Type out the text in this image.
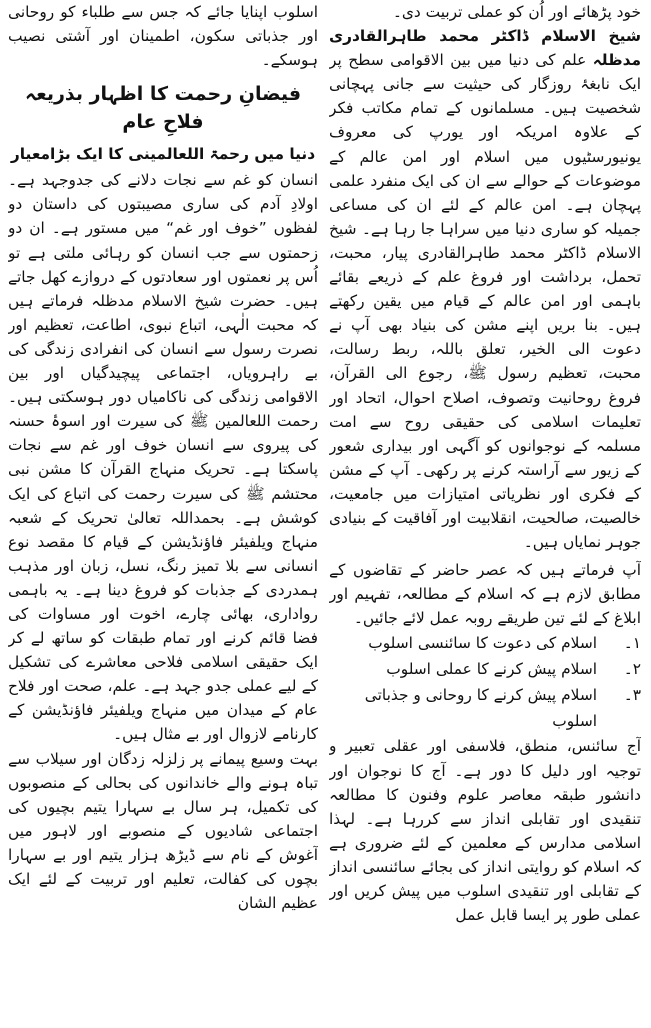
خود پڑھائے اور اُن کو عملی تربیت دی۔

شیخ الاسلام ڈاکٹر محمد طاہرالقادری مدظلہ علم کی دنیا میں بین الاقوامی سطح پر ایک نابغۂ روزگار کی حیثیت سے جانی پہچانی شخصیت ہیں۔ مسلمانوں کے تمام مکاتب فکر کے علاوہ امریکہ اور یورپ کی معروف یونیورسٹیوں میں اسلام اور امن عالم کے موضوعات کے حوالے سے ان کی ایک منفرد علمی پہچان ہے۔ امن عالم کے لئے ان کی مساعی جمیلہ کو ساری دنیا میں سراہا جا رہا ہے۔ شیخ الاسلام ڈاکٹر محمد طاہرالقادری پیار، محبت، تحمل، برداشت اور فروغ علم کے ذریعے بقائے باہمی اور امن عالم کے قیام میں یقین رکھتے ہیں۔ بنا بریں اپنے مشن کی بنیاد بھی آپ نے دعوت الی الخیر، تعلق باللہ، ربط رسالت، محبت، تعظیم رسول ﷺ، رجوع الی القرآن، فروغ روحانیت وتصوف، اصلاح احوال، اتحاد اور تعلیمات اسلامی کی حقیقی روح سے امت مسلمہ کے نوجوانوں کو آگہی اور بیداری شعور کے زیور سے آراستہ کرنے پر رکھی۔ آپ کے مشن کے فکری اور نظریاتی امتیازات میں جامعیت، خالصیت، صالحیت، انقلابیت اور آفاقیت کے بنیادی جوہر نمایاں ہیں۔

آپ فرماتے ہیں کہ عصر حاضر کے تقاضوں کے مطابق لازم ہے کہ اسلام کے مطالعہ، تفہیم اور ابلاغ کے لئے تین طریقے روبہ عمل لائے جائیں۔

۱۔
اسلام کی دعوت کا سائنسی اسلوب
۲۔
اسلام پیش کرنے کا عملی اسلوب
۳۔
اسلام پیش کرنے کا روحانی و جذباتی اسلوب

آج سائنس، منطق، فلاسفی اور عقلی تعبیر و توجیہ اور دلیل کا دور ہے۔ آج کا نوجوان اور دانشور طبقہ معاصر علوم وفنون کا مطالعہ تنقیدی اور تقابلی انداز سے کررہا ہے۔ لہذا اسلامی مدارس کے معلمین کے لئے ضروری ہے کہ اسلام کو روایتی انداز کی بجائے سائنسی انداز کے تقابلی اور تنقیدی اسلوب میں پیش کریں اور عملی طور پر ایسا قابل عمل

اسلوب اپنایا جائے کہ جس سے طلباء کو روحانی اور جذباتی سکون، اطمینان اور آشتی نصیب ہوسکے۔

فیضانِ رحمت کا اظہار بذریعہ فلاحِ عام

دنیا میں رحمۃ اللعالمینی کا ایک بڑامعیار

انسان کو غم سے نجات دلانے کی جدوجہد ہے۔ اولادِ آدم کی ساری مصیبتوں کی داستان دو لفظوں ”خوف اور غم“ میں مستور ہے۔ ان دو زحمتوں سے جب انسان کو رہائی ملتی ہے تو اُس پر نعمتوں اور سعادتوں کے دروازے کھل جاتے ہیں۔ حضرت شیخ الاسلام مدظلہ فرماتے ہیں کہ محبت الٰہی، اتباع نبوی، اطاعت، تعظیم اور نصرت رسول سے انسان کی انفرادی زندگی کی بے راہرویاں، اجتماعی پیچیدگیاں اور بین الاقوامی زندگی کی ناکامیاں دور ہوسکتی ہیں۔ رحمت اللعالمین ﷺ کی سیرت اور اسوۂ حسنہ کی پیروی سے انسان خوف اور غم سے نجات پاسکتا ہے۔ تحریک منہاج القرآن کا مشن نبی محتشم ﷺ کی سیرت رحمت کی اتباع کی ایک کوشش ہے۔ بحمداللہ تعالیٰ تحریک کے شعبہ منہاج ویلفیئر فاؤنڈیشن کے قیام کا مقصد نوع انسانی سے بلا تمیز رنگ، نسل، زبان اور مذہب ہمدردی کے جذبات کو فروغ دینا ہے۔ یہ باہمی رواداری، بھائی چارے، اخوت اور مساوات کی فضا قائم کرنے اور تمام طبقات کو ساتھ لے کر ایک حقیقی اسلامی فلاحی معاشرے کی تشکیل کے لیے عملی جدو جہد ہے۔ علم، صحت اور فلاح عام کے میدان میں منہاج ویلفیئر فاؤنڈیشن کے کارنامے لازوال اور بے مثال ہیں۔

بہت وسیع پیمانے پر زلزلہ زدگان اور سیلاب سے تباہ ہونے والے خاندانوں کی بحالی کے منصوبوں کی تکمیل، ہر سال بے سہارا یتیم بچیوں کی اجتماعی شادیوں کے منصوبے اور لاہور میں آغوش کے نام سے ڈیڑھ ہزار یتیم اور بے سہارا بچوں کی کفالت، تعلیم اور تربیت کے لئے ایک عظیم الشان
